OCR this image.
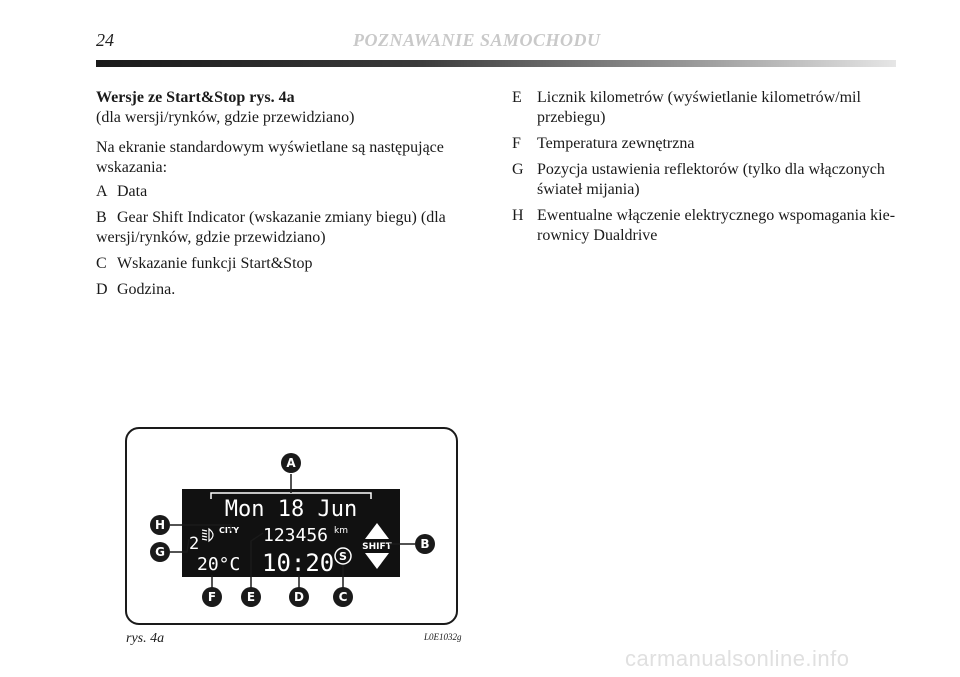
24	POZNAWANIE SAMOCHODU

Wersje ze Start&Stop rys. 4a

(dla wersji/rynków, gdzie przewidziano)

Na ekranie standardowym wyświetlane są następujące wskazania:

A Data
B Gear Shift Indicator (wskazanie zmiany biegu) (dla wersji/rynków, gdzie przewidziano)
C Wskazanie funkcji Start&Stop
D Godzina.
E Licznik kilometrów (wyświetlanie kilometrów/mil przebiegu)
F	Temperatura zewnętrzna
G Pozycja ustawienia reflektorów (tylko dla włączonych świateł mijania)
H Ewentualne włączenie elektrycznego wspomagania kierownicy Dualdrive
Mon 18 Jun
2
CITY 123456 km
20°C 10:20 S
SHIFT
A
B
C
D
E
F
G
H
rys. 4a	L0E1032g
carmanualsonline.info
